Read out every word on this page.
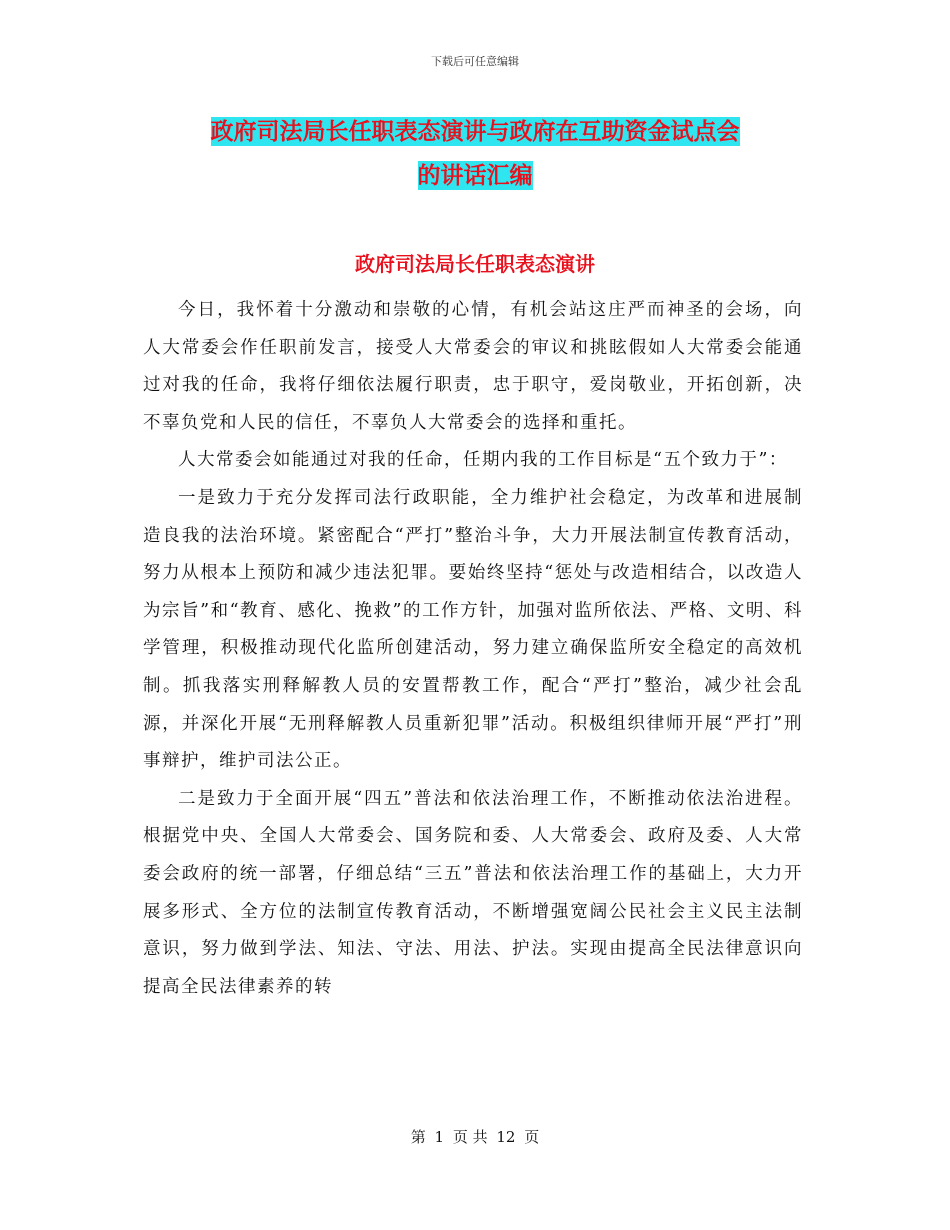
下载后可任意编辑
政府司法局长任职表态演讲与政府在互助资金试点会
的讲话汇编
政府司法局长任职表态演讲

今日，我怀着十分激动和崇敬的心情，有机会站这庄严而神圣的会场，向人大常委会作任职前发言，接受人大常委会的审议和挑眩假如人大常委会能通过对我的任命，我将仔细依法履行职责，忠于职守，爱岗敬业，开拓创新，决不辜负党和人民的信任，不辜负人大常委会的选择和重托。

人大常委会如能通过对我的任命，任期内我的工作目标是“五个致力于”：

一是致力于充分发挥司法行政职能，全力维护社会稳定，为改革和进展制造良我的法治环境。紧密配合“严打”整治斗争，大力开展法制宣传教育活动，努力从根本上预防和减少违法犯罪。要始终坚持“惩处与改造相结合，以改造人为宗旨”和“教育、感化、挽救”的工作方针，加强对监所依法、严格、文明、科学管理，积极推动现代化监所创建活动，努力建立确保监所安全稳定的高效机制。抓我落实刑释解教人员的安置帮教工作，配合“严打”整治，减少社会乱源，并深化开展“无刑释解教人员重新犯罪”活动。积极组织律师开展“严打”刑事辩护，维护司法公正。

二是致力于全面开展“四五”普法和依法治理工作，不断推动依法治进程。根据党中央、全国人大常委会、国务院和委、人大常委会、政府及委、人大常委会政府的统一部署，仔细总结“三五”普法和依法治理工作的基础上，大力开展多形式、全方位的法制宣传教育活动，不断增强宽阔公民社会主义民主法制意识，努力做到学法、知法、守法、用法、护法。实现由提高全民法律意识向提高全民法律素养的转

第 1 页 共 12 页
